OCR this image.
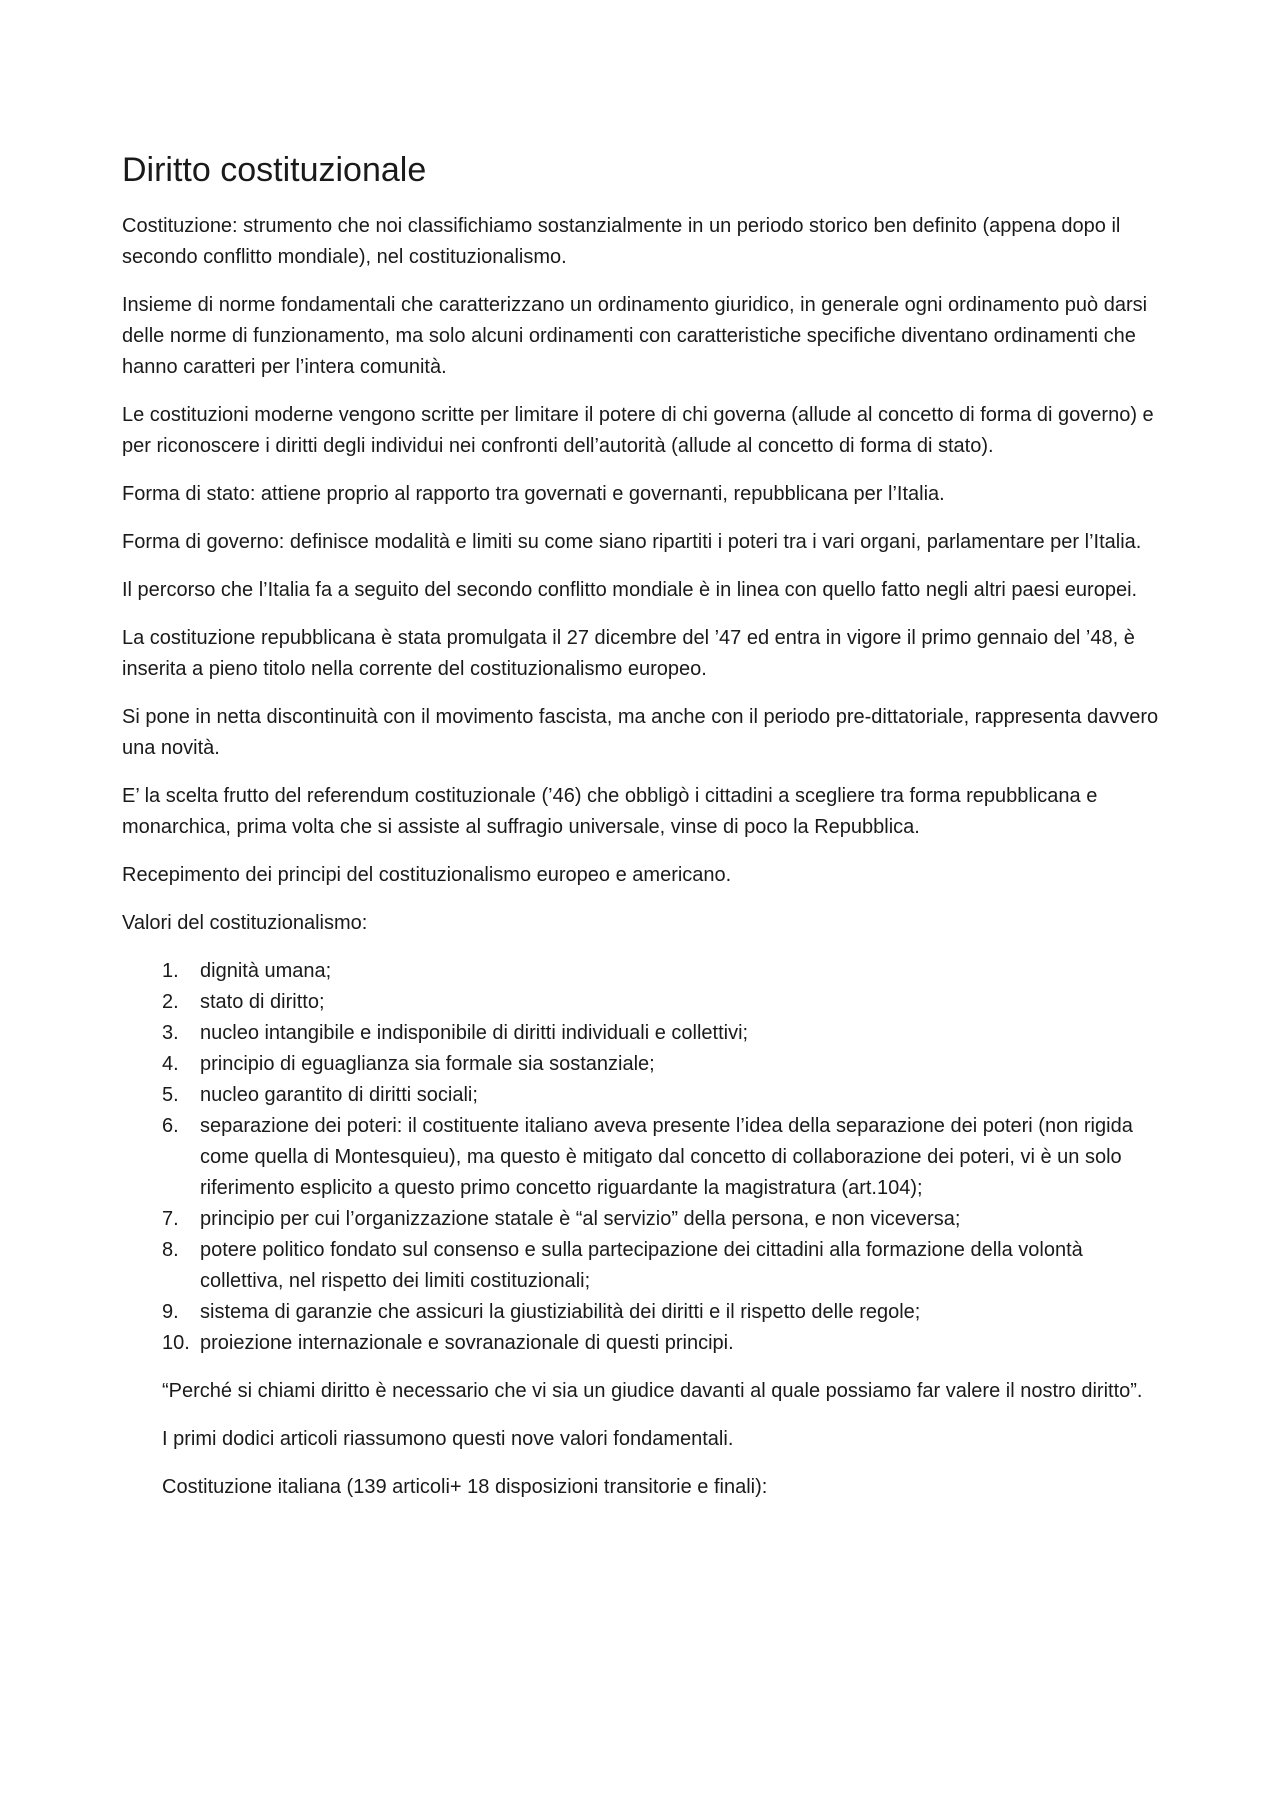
Diritto costituzionale

Costituzione: strumento che noi classifichiamo sostanzialmente in un periodo storico ben definito (appena dopo il secondo conflitto mondiale), nel costituzionalismo.

Insieme di norme fondamentali che caratterizzano un ordinamento giuridico, in generale ogni ordinamento può darsi delle norme di funzionamento, ma solo alcuni ordinamenti con caratteristiche specifiche diventano ordinamenti che hanno caratteri per l’intera comunità.

Le costituzioni moderne vengono scritte per limitare il potere di chi governa (allude al concetto di forma di governo) e per riconoscere i diritti degli individui nei confronti dell’autorità (allude al concetto di forma di stato).

Forma di stato: attiene proprio al rapporto tra governati e governanti, repubblicana per l’Italia.

Forma di governo: definisce modalità e limiti su come siano ripartiti i poteri tra i vari organi, parlamentare per l’Italia.

Il percorso che l’Italia fa a seguito del secondo conflitto mondiale è in linea con quello fatto negli altri paesi europei.

La costituzione repubblicana è stata promulgata il 27 dicembre del ’47 ed entra in vigore il primo gennaio del ’48, è inserita a pieno titolo nella corrente del costituzionalismo europeo.

Si pone in netta discontinuità con il movimento fascista, ma anche con il periodo pre-dittatoriale, rappresenta davvero una novità.

E’ la scelta frutto del referendum costituzionale (’46) che obbligò i cittadini a scegliere tra forma repubblicana e monarchica, prima volta che si assiste al suffragio universale, vinse di poco la Repubblica.

Recepimento dei principi del costituzionalismo europeo e americano.

Valori del costituzionalismo:

1.	dignità umana;
2.	stato di diritto;
3.	nucleo intangibile e indisponibile di diritti individuali e collettivi;
4.	principio di eguaglianza sia formale sia sostanziale;
5.	nucleo garantito di diritti sociali;
6.	separazione dei poteri: il costituente italiano aveva presente l’idea della separazione dei poteri (non rigida come quella di Montesquieu), ma questo è mitigato dal concetto di collaborazione dei poteri, vi è un solo riferimento esplicito a questo primo concetto riguardante la magistratura (art.104);
7.	principio per cui l’organizzazione statale è “al servizio” della persona, e non viceversa;
8.	potere politico fondato sul consenso e sulla partecipazione dei cittadini alla formazione della volontà collettiva, nel rispetto dei limiti costituzionali;
9.	sistema di garanzie che assicuri la giustiziabilità dei diritti e il rispetto delle regole;
10. proiezione internazionale e sovranazionale di questi principi.

“Perché si chiami diritto è necessario che vi sia un giudice davanti al quale possiamo far valere il nostro diritto”.

I primi dodici articoli riassumono questi nove valori fondamentali.

Costituzione italiana (139 articoli+ 18 disposizioni transitorie e finali):
